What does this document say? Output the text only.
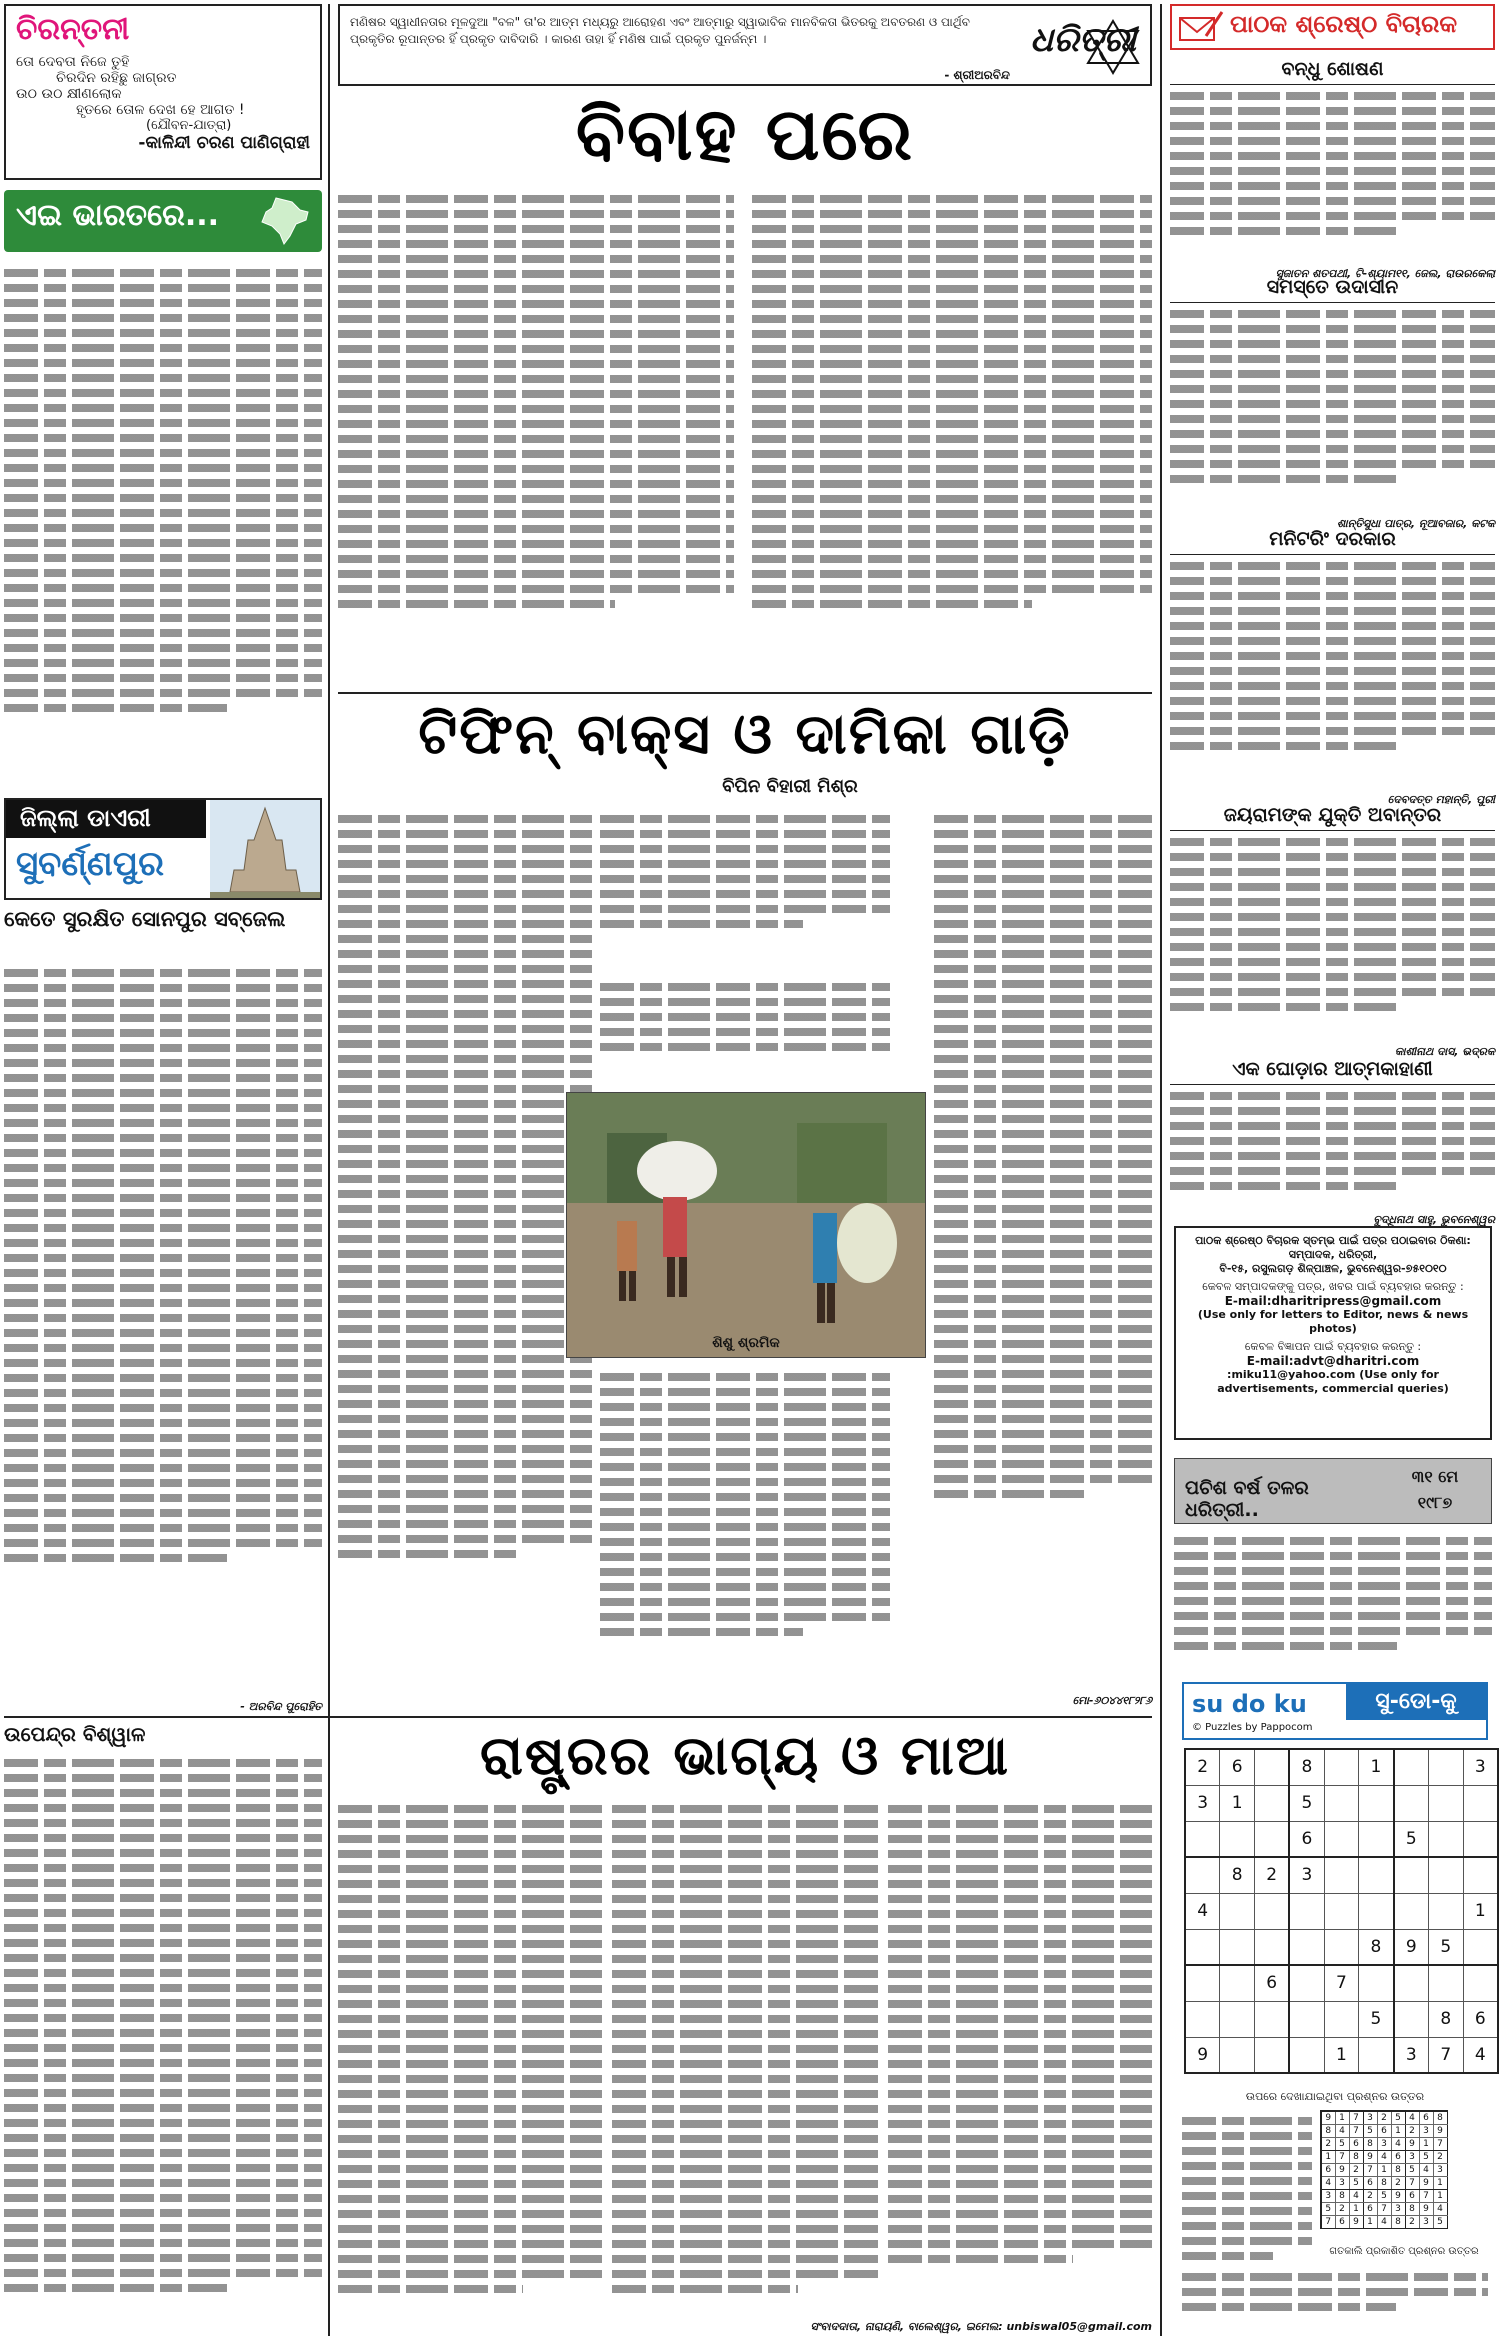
ଚିରନ୍ତନୀ
ତୋ ଦେବତା ନିଜେ ତୁହି
ଚିରଦିନ ରହିଛୁ ଜାଗ୍ରତ
ଉଠ ଉଠ କ୍ଷୀଣଲୋକ
ହୃତରେ ତୋଳ ଦେଖ ହେ ଆଗତ !
(ଯୌବନ-ଯାତ୍ରା)
-କାଳିନ୍ଦୀ ଚରଣ ପାଣିଗ୍ରାହୀ
ଏଇ ଭାରତରେ...
ଜିଲ୍ଲା ଡାଏରୀ
ସୁବର୍ଣ୍ଣପୁର
କେତେ ସୁରକ୍ଷିତ ସୋନପୁର ସବ୍‌ଜେଲ
ମଣିଷର ସ୍ୱାଧୀନତାର ମୂଳଦୁଆ "ବଳ" ତା'ର ଆତ୍ମ ମଧ୍ୟରୁ ଆରୋହଣ ଏବଂ ଆତ୍ମାରୁ ସ୍ୱାଭାବିକ ମାନବିକତା ଭିତରକୁ ଅବତରଣ ଓ ପାର୍ଥିବ ପ୍ରକୃତିର ରୂପାନ୍ତର ହିଁ ପ୍ରକୃତ ଦାବିଦାରି । କାରଣ ତାହା ହିଁ ମଣିଷ ପାଇଁ ପ୍ରକୃତ ପୁନର୍ଜନ୍ମ ।
- ଶ୍ରୀଅରବିନ୍ଦ
ଧରିତ୍ରୀ
ବିବାହ ପରେ
ଟିଫିନ୍ ବାକ୍ସ ଓ ଦାମିକା ଗାଡ଼ି
ବିପିନ ବିହାରୀ ମିଶ୍ର
ଶିଶୁ ଶ୍ରମିକ
ମୋ-୬୦୪୪୧୮୨୮୬
- ଅରବିନ୍ଦ ପୁରୋହିତ
ଉପେନ୍ଦ୍ର ବିଶ୍ୱାଳ	ରାଷ୍ଟ୍ରର ଭାଗ୍ୟ ଓ ମାଆ
ସଂବାଦଦାତା, ନାରାୟଣି, ବାଲେଶ୍ୱର, ଇମେଲ: unbiswal05@gmail.com
ପାଠକ ଶ୍ରେଷ୍ଠ ବିଚାରକ
ବନ୍ଧୁ ଶୋଷଣ
ସୁଜାତନ ଶତପଥୀ, ଟି-ଶ୍ୟାମ୧୧, ଜେଲ, ରାଉରକେଲା
ସମସ୍ତେ ଉଦାସୀନ
ଶାନ୍ତିସୁଧା ପାତ୍ର, ନୂଆବଜାର, କଟକ
ମନିଟରିଂ ଦରକାର
ଦେବଦତ୍ତ ମହାନ୍ତି, ପୁରୀ
ଜୟରାମଙ୍କ ଯୁକ୍ତି ଅବାନ୍ତର
କାଶୀନାଥ ଦାସ, ଭଦ୍ରକ
ଏକ ଘୋଡ଼ାର ଆତ୍ମକାହାଣୀ
ବୁଦ୍ଧିନାଥ ସାହୁ, ଭୁବନେଶ୍ୱର
ପାଠକ ଶ୍ରେଷ୍ଠ ବିଚାରକ ସ୍ତମ୍ଭ ପାଇଁ ପତ୍ର ପଠାଇବାର ଠିକଣା:
ସମ୍ପାଦକ, ଧରିତ୍ରୀ,
ବି-୧୫, ରସୁଲଗଡ଼ ଶିଳ୍ପାଞ୍ଚଳ, ଭୁବନେଶ୍ୱର-୭୫୧୦୧୦
କେବଳ ସମ୍ପାଦକଙ୍କୁ ପତ୍ର, ଖବର ପାଇଁ ବ୍ୟବହାର କରନ୍ତୁ :
E-mail:dharitripress@gmail.com
(Use only for letters to Editor, news & news photos)
କେବଳ ବିଜ୍ଞାପନ ପାଇଁ ବ୍ୟବହାର କରନ୍ତୁ :
E-mail:advt@dharitri.com
:miku11@yahoo.com (Use only for advertisements, commercial queries)
ପଚିଶ ବର୍ଷ ତଳର ଧରିତ୍ରୀ..
୩୧ ମେ
୧୯୮୭
su do ku	ସୁ-ଡୋ-କୁ
© Puzzles by Pappocom
2	6		8		1			3
3	1		5					
			6			5		
	8	2	3					
4								1
					8	9	5	
		6		7				
					5		8	6
9				1		3	7	4
ଉପରେ ଦେଖାଯାଇଥିବା ପ୍ରଶ୍ନର ଉତ୍ତର
9	1	7	3	2	5	4	6	8
8	4	7	5	6	1	2	3	9
2	5	6	8	3	4	9	1	7
1	7	8	9	4	6	3	5	2
6	9	2	7	1	8	5	4	3
4	3	5	6	8	2	7	9	1
3	8	4	2	5	9	6	7	1
5	2	1	6	7	3	8	9	4
7	6	9	1	4	8	2	3	5
ଗତକାଲି ପ୍ରକାଶିତ ପ୍ରଶ୍ନର ଉତ୍ତର
